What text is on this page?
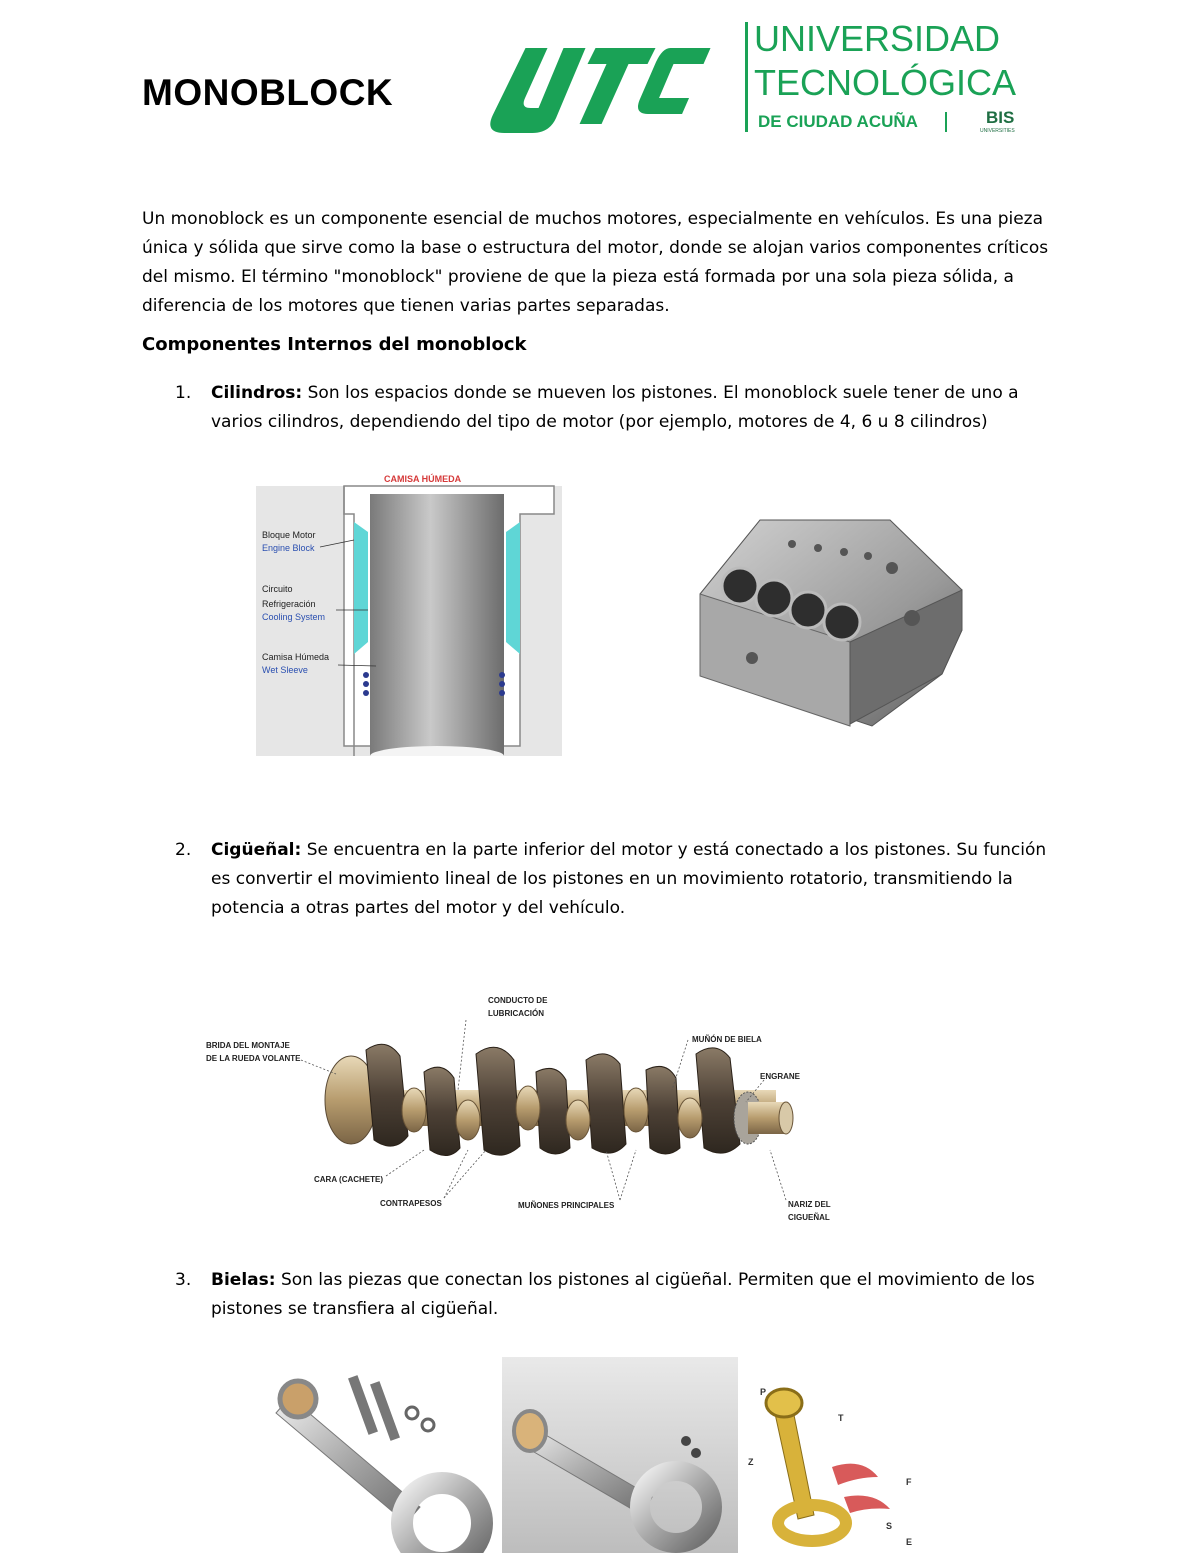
MONOBLOCK
UNIVERSIDAD
TECNOLÓGICA
DE CIUDAD ACUÑA	BIS
UNIVERSITIES
Un monoblock es un componente esencial de muchos motores, especialmente en vehículos. Es una pieza única y sólida que sirve como la base o estructura del motor, donde se alojan varios componentes críticos del mismo. El término "monoblock" proviene de que la pieza está formada por una sola pieza sólida, a diferencia de los motores que tienen varias partes separadas.
Componentes Internos del monoblock
1. Cilindros: Son los espacios donde se mueven los pistones. El monoblock suele tener de uno a varios cilindros, dependiendo del tipo de motor (por ejemplo, motores de 4, 6 u 8 cilindros)
CAMISA HÚMEDA
Bloque Motor
Engine Block
Circuito
Refrigeración
Cooling System
Camisa Húmeda
Wet Sleeve
2. Cigüeñal: Se encuentra en la parte inferior del motor y está conectado a los pistones. Su función es convertir el movimiento lineal de los pistones en un movimiento rotatorio, transmitiendo la potencia a otras partes del motor y del vehículo.
CONDUCTO DE
LUBRICACIÓN
BRIDA DEL MONTAJE
DE LA RUEDA VOLANTE
MUÑÓN DE BIELA
ENGRANE
CARA (CACHETE)
CONTRAPESOS	MUÑONES PRINCIPALES	NARIZ DEL
CIGUEÑAL
3. Bielas: Son las piezas que conectan los pistones al cigüeñal. Permiten que el movimiento de los pistones se transfiera al cigüeñal.
P
T
Z
S
F
E
